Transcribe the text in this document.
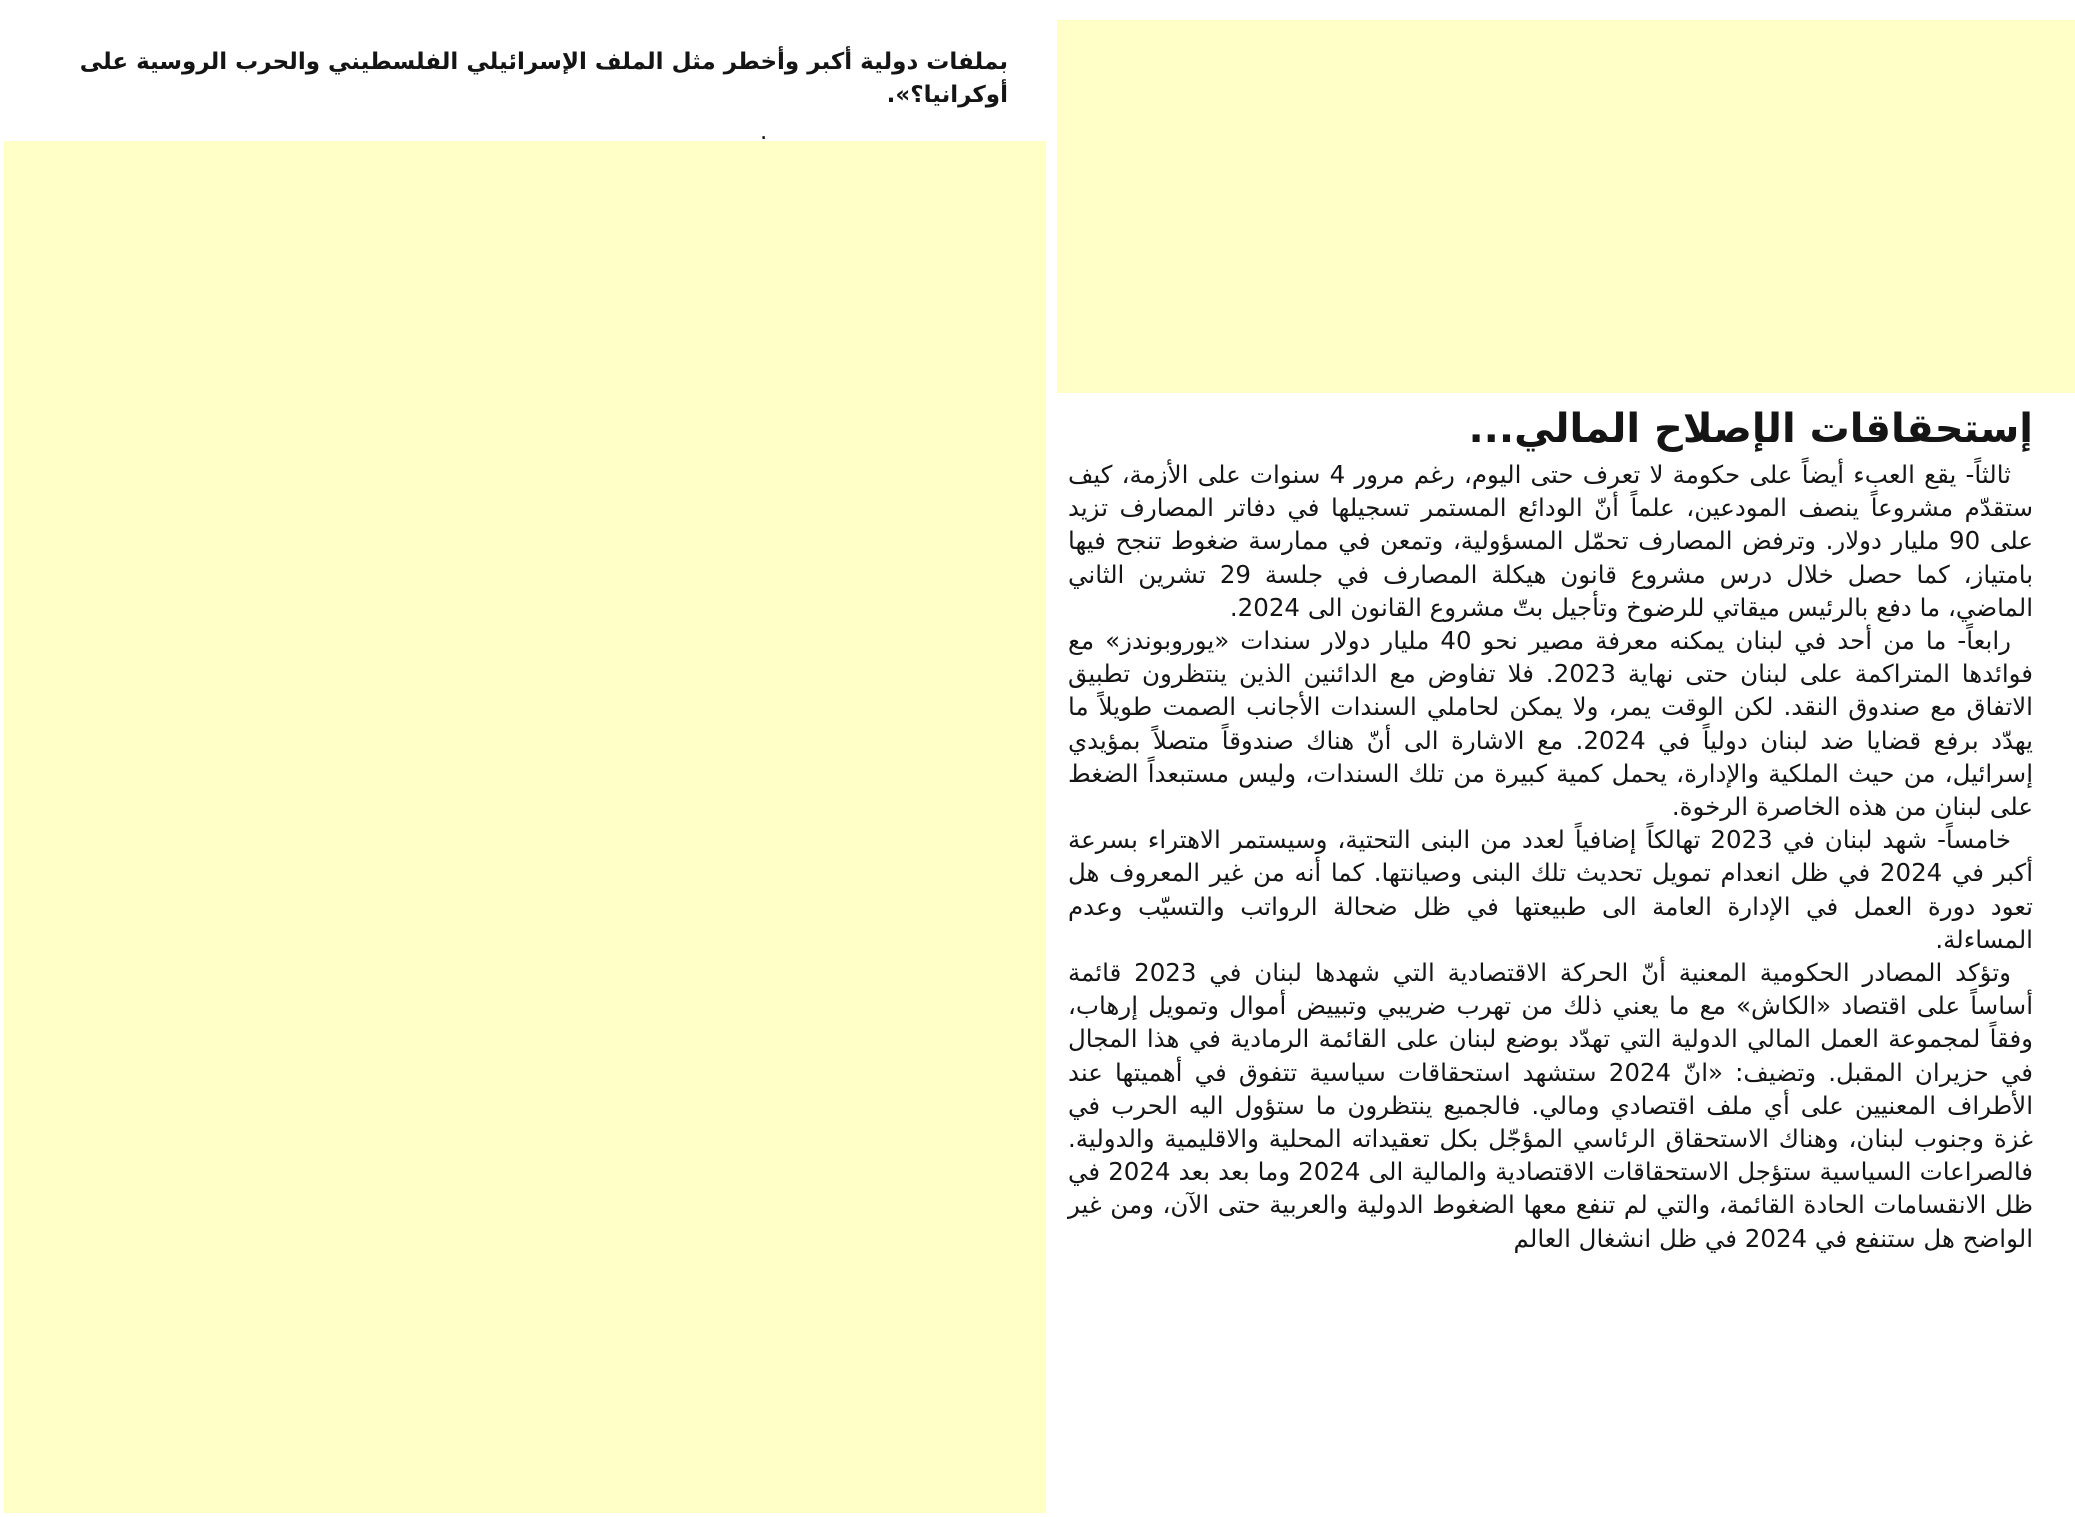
بملفات دولية أكبر وأخطر مثل الملف الإسرائيلي الفلسطيني والحرب الروسية على أوكرانيا؟».

.

إستحقاقات الإصلاح المالي...

ثالثاً- يقع العبء أيضاً على حكومة لا تعرف حتى اليوم، رغم مرور 4 سنوات على الأزمة، كيف ستقدّم مشروعاً ينصف المودعين، علماً أنّ الودائع المستمر تسجيلها في دفاتر المصارف تزيد على 90 مليار دولار. وترفض المصارف تحمّل المسؤولية، وتمعن في ممارسة ضغوط تنجح فيها بامتياز، كما حصل خلال درس مشروع قانون هيكلة المصارف في جلسة 29 تشرين الثاني الماضي، ما دفع بالرئيس ميقاتي للرضوخ وتأجيل بتّ مشروع القانون الى 2024.

رابعاً- ما من أحد في لبنان يمكنه معرفة مصير نحو 40 مليار دولار سندات «يوروبوندز» مع فوائدها المتراكمة على لبنان حتى نهاية 2023. فلا تفاوض مع الدائنين الذين ينتظرون تطبيق الاتفاق مع صندوق النقد. لكن الوقت يمر، ولا يمكن لحاملي السندات الأجانب الصمت طويلاً ما يهدّد برفع قضايا ضد لبنان دولياً في 2024. مع الاشارة الى أنّ هناك صندوقاً متصلاً بمؤيدي إسرائيل، من حيث الملكية والإدارة، يحمل كمية كبيرة من تلك السندات، وليس مستبعداً الضغط على لبنان من هذه الخاصرة الرخوة.

خامساً- شهد لبنان في 2023 تهالكاً إضافياً لعدد من البنى التحتية، وسيستمر الاهتراء بسرعة أكبر في 2024 في ظل انعدام تمويل تحديث تلك البنى وصيانتها. كما أنه من غير المعروف هل تعود دورة العمل في الإدارة العامة الى طبيعتها في ظل ضحالة الرواتب والتسيّب وعدم المساءلة.

وتؤكد المصادر الحكومية المعنية أنّ الحركة الاقتصادية التي شهدها لبنان في 2023 قائمة أساساً على اقتصاد «الكاش» مع ما يعني ذلك من تهرب ضريبي وتبييض أموال وتمويل إرهاب، وفقاً لمجموعة العمل المالي الدولية التي تهدّد بوضع لبنان على القائمة الرمادية في هذا المجال في حزيران المقبل. وتضيف: «انّ 2024 ستشهد استحقاقات سياسية تتفوق في أهميتها عند الأطراف المعنيين على أي ملف اقتصادي ومالي. فالجميع ينتظرون ما ستؤول اليه الحرب في غزة وجنوب لبنان، وهناك الاستحقاق الرئاسي المؤجّل بكل تعقيداته المحلية والاقليمية والدولية. فالصراعات السياسية ستؤجل الاستحقاقات الاقتصادية والمالية الى 2024 وما بعد بعد 2024 في ظل الانقسامات الحادة القائمة، والتي لم تنفع معها الضغوط الدولية والعربية حتى الآن، ومن غير الواضح هل ستنفع في 2024 في ظل انشغال العالم
